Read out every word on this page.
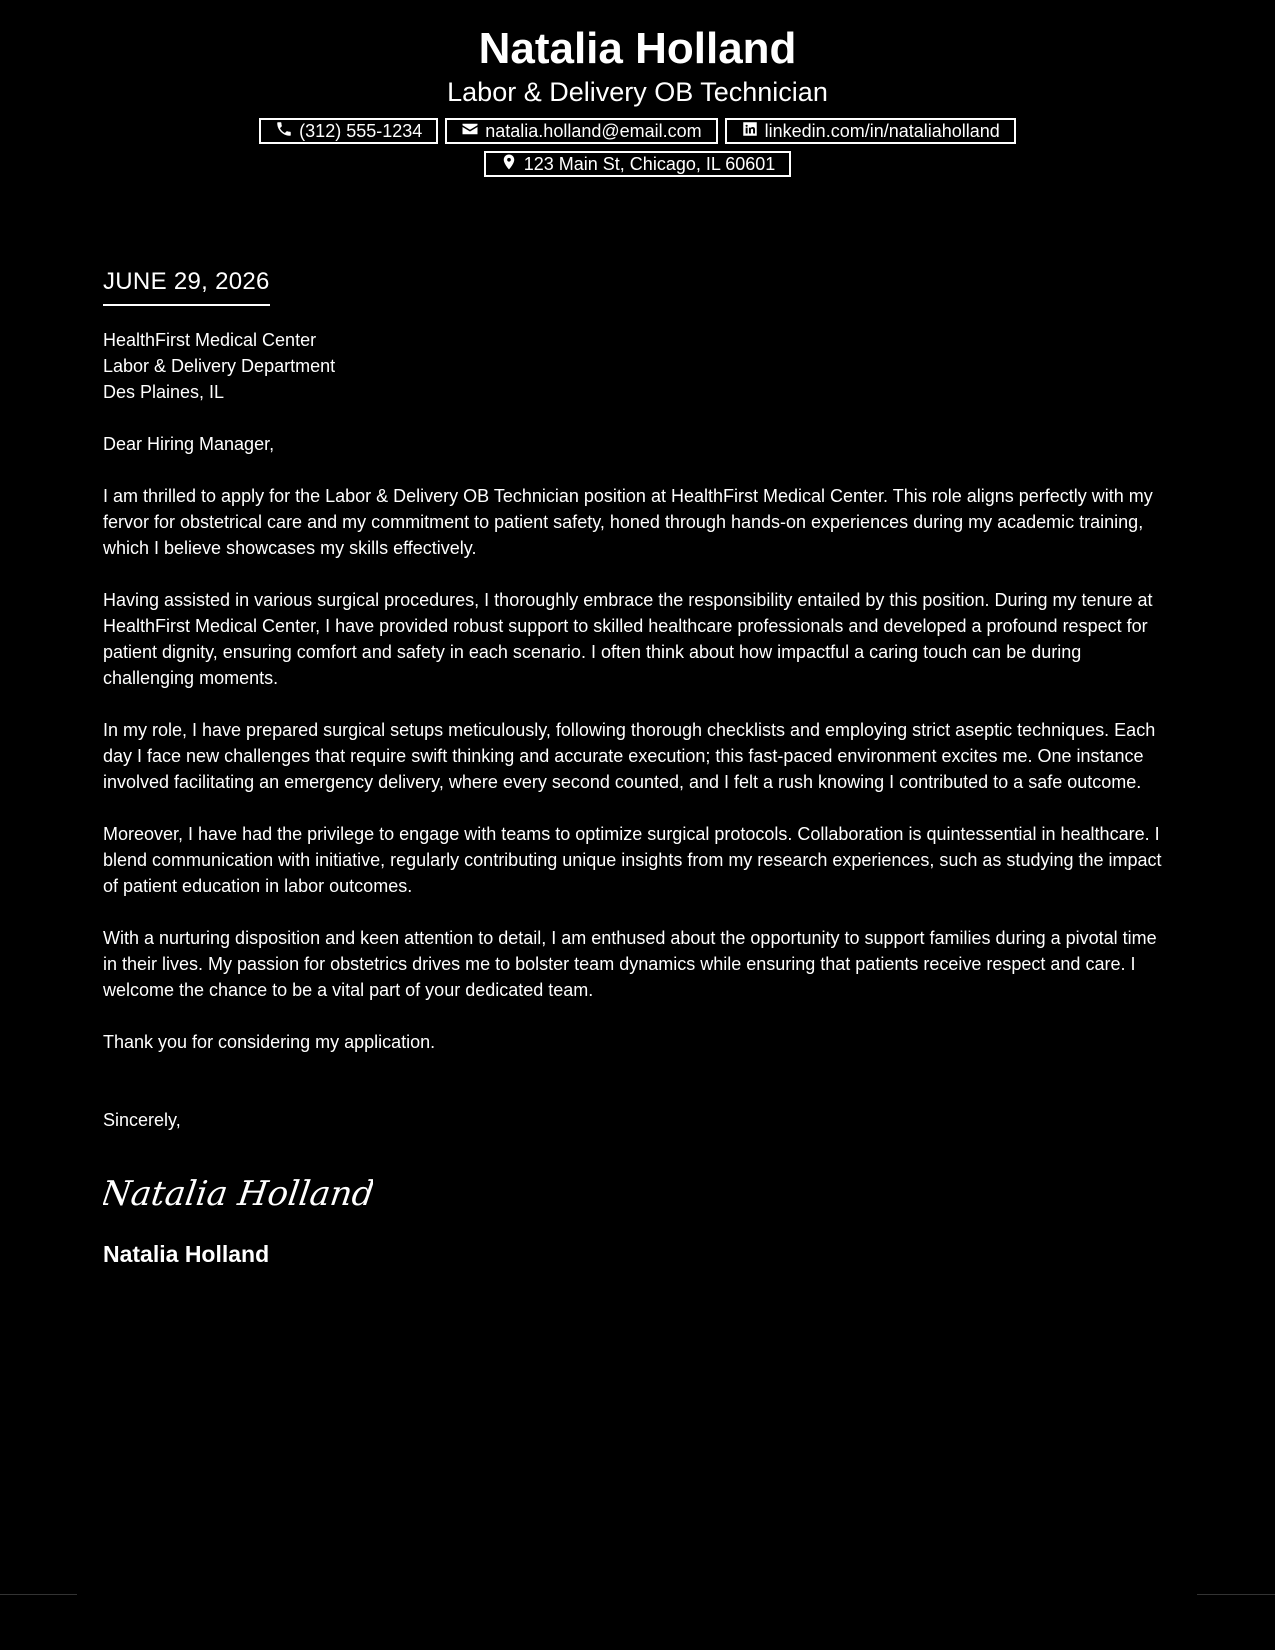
Natalia Holland
Labor & Delivery OB Technician
(312) 555-1234	natalia.holland@email.com	linkedin.com/in/nataliaholland
123 Main St, Chicago, IL 60601
JUNE 29, 2026
HealthFirst Medical Center
Labor & Delivery Department
Des Plaines, IL
Dear Hiring Manager,
I am thrilled to apply for the Labor & Delivery OB Technician position at HealthFirst Medical Center. This role aligns perfectly with my fervor for obstetrical care and my commitment to patient safety, honed through hands-on experiences during my academic training, which I believe showcases my skills effectively.
Having assisted in various surgical procedures, I thoroughly embrace the responsibility entailed by this position. During my tenure at HealthFirst Medical Center, I have provided robust support to skilled healthcare professionals and developed a profound respect for patient dignity, ensuring comfort and safety in each scenario. I often think about how impactful a caring touch can be during challenging moments.
In my role, I have prepared surgical setups meticulously, following thorough checklists and employing strict aseptic techniques. Each day I face new challenges that require swift thinking and accurate execution; this fast-paced environment excites me. One instance involved facilitating an emergency delivery, where every second counted, and I felt a rush knowing I contributed to a safe outcome.
Moreover, I have had the privilege to engage with teams to optimize surgical protocols. Collaboration is quintessential in healthcare. I blend communication with initiative, regularly contributing unique insights from my research experiences, such as studying the impact of patient education in labor outcomes.
With a nurturing disposition and keen attention to detail, I am enthused about the opportunity to support families during a pivotal time in their lives. My passion for obstetrics drives me to bolster team dynamics while ensuring that patients receive respect and care. I welcome the chance to be a vital part of your dedicated team.
Thank you for considering my application.
Sincerely,
Natalia Holland
Natalia Holland
